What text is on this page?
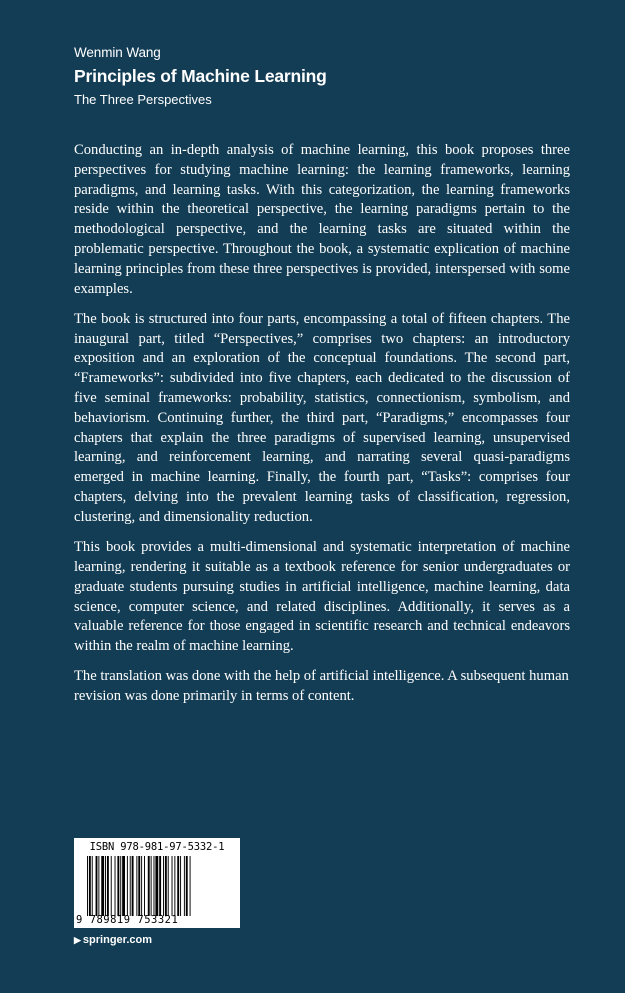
Wenmin Wang
Principles of Machine Learning
The Three Perspectives

Conducting an in-depth analysis of machine learning, this book proposes three perspectives for studying machine learning: the learning frameworks, learning paradigms, and learning tasks. With this categorization, the learning frameworks reside within the theoretical perspective, the learning paradigms pertain to the methodological perspective, and the learning tasks are situated within the problematic perspective. Throughout the book, a systematic explication of machine learning principles from these three perspectives is provided, interspersed with some examples.

The book is structured into four parts, encompassing a total of fifteen chapters. The inaugural part, titled “Perspectives,” comprises two chapters: an introductory exposition and an exploration of the conceptual foundations. The second part, “Frameworks”: subdivided into five chapters, each dedicated to the discussion of five seminal frameworks: probability, statistics, connectionism, symbolism, and behaviorism. Continuing further, the third part, “Paradigms,” encompasses four chapters that explain the three paradigms of supervised learning, unsupervised learning, and reinforcement learning, and narrating several quasi-paradigms emerged in machine learning. Finally, the fourth part, “Tasks”: comprises four chapters, delving into the prevalent learning tasks of classification, regression, clustering, and dimensionality reduction.

This book provides a multi-dimensional and systematic interpretation of machine learning, rendering it suitable as a textbook reference for senior undergraduates or graduate students pursuing studies in artificial intelligence, machine learning, data science, computer science, and related disciplines. Additionally, it serves as a valuable reference for those engaged in scientific research and technical endeavors within the realm of machine learning.

The translation was done with the help of artificial intelligence. A subsequent human revision was done primarily in terms of content.

ISBN 978-981-97-5332-1
9 789819 753321
▶ springer.com
